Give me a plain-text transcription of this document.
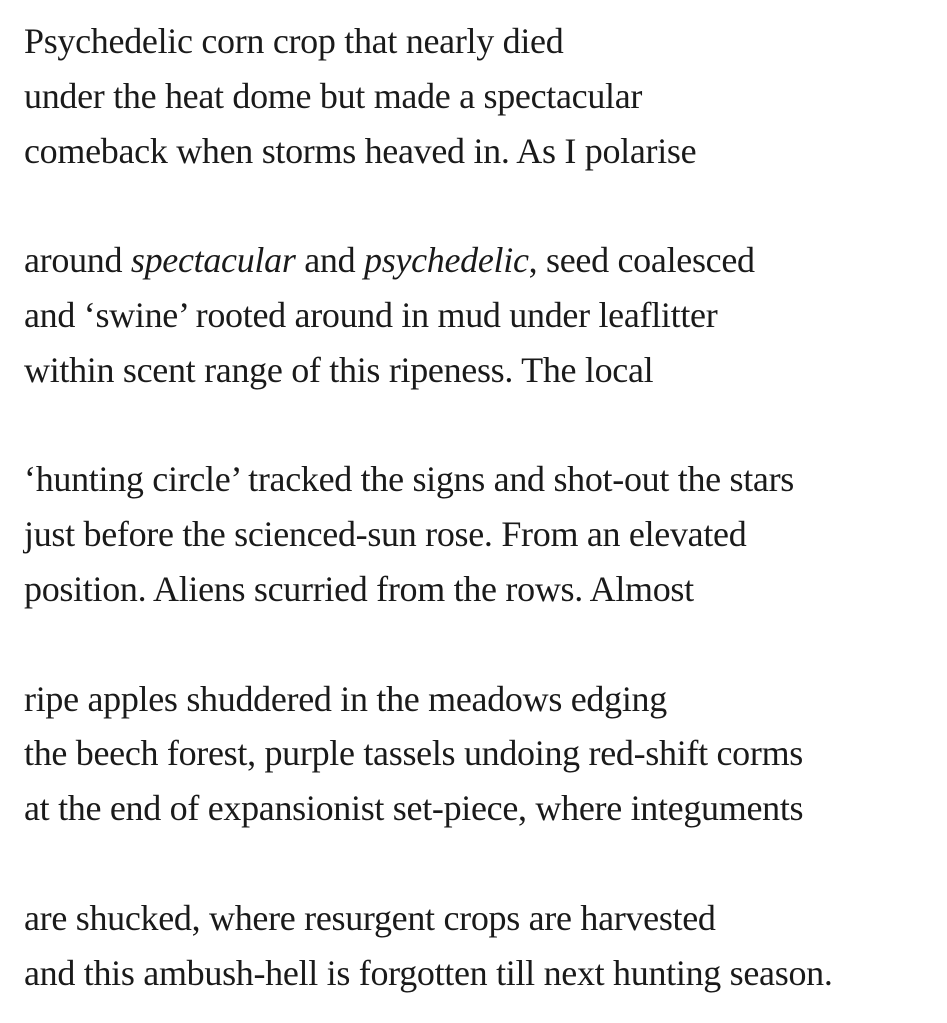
Psychedelic corn crop that nearly died
under the heat dome but made a spectacular
comeback when storms heaved in. As I polarise
around spectacular and psychedelic, seed coalesced
and ‘swine’ rooted around in mud under leaflitter
within scent range of this ripeness. The local
‘hunting circle’ tracked the signs and shot-out the stars
just before the scienced-sun rose. From an elevated
position. Aliens scurried from the rows. Almost
ripe apples shuddered in the meadows edging
the beech forest, purple tassels undoing red-shift corms
at the end of expansionist set-piece, where integuments
are shucked, where resurgent crops are harvested
and this ambush-hell is forgotten till next hunting season.
